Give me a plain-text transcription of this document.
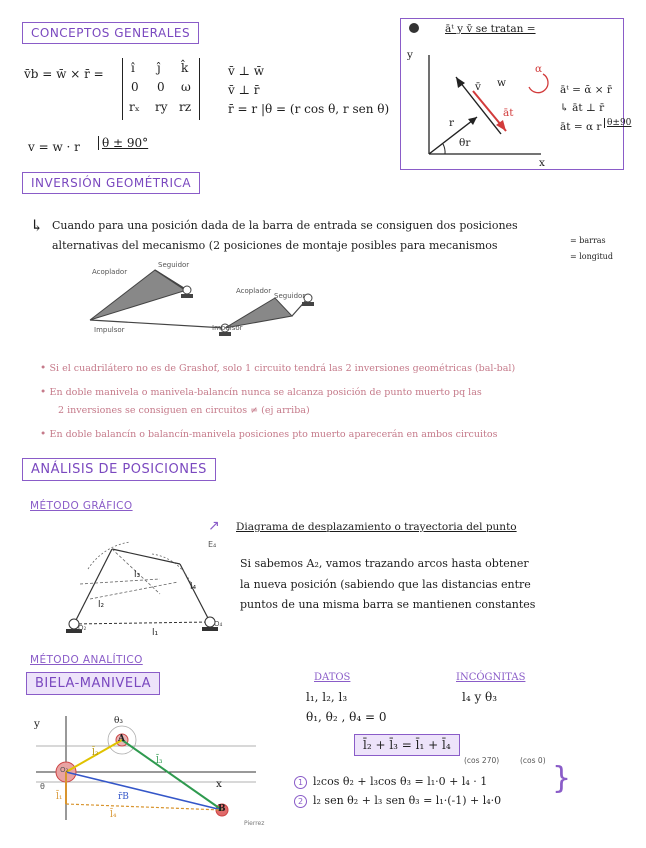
CONCEPTOS GENERALES
v̄b = w̄ × r̄ = î ĵ k̂
0 0 ω
rₓ ry rz
v̄ ⊥ w̄
v̄ ⊥ r̄
r̄ = r |θ = (r cos θ, r sen θ)
v = w · r	θ ± 90°
āᵗ y v̄ se tratan =
y
x
v̄ w
r
āt
α
θr
āᵗ = ᾱ × r̄
↳ āt ⊥ r̄
āt = α r θ±90
INVERSIÓN GEOMÉTRICA
↳ Cuando para una posición dada de la barra de entrada se consiguen dos posiciones
alternativas del mecanismo (2 posiciones de montaje posibles para mecanismos	= barras
= longitud
Acoplador
Seguidor
Impulsor
Acoplador
Seguidor
Impulsor
• Si el cuadrilátero no es de Grashof, solo 1 circuito tendrá las 2 inversiones geométricas (bal-bal)
• En doble manivela o manivela-balancín nunca se alcanza posición de punto muerto pq las
2 inversiones se consiguen en circuitos ≠ (ej arriba)
• En doble balancín o balancín-manivela posiciones pto muerto aparecerán en ambos circuitos
ANÁLISIS DE POSICIONES
MÉTODO GRÁFICO
E₄
l₂
l₃
l₄
l₁
O₂	O₄
↗ Diagrama de desplazamiento o trayectoria del punto
Si sabemos A₂, vamos trazando arcos hasta obtener
la nueva posición (sabiendo que las distancias entre
puntos de una misma barra se mantienen constantes
MÉTODO ANALÍTICO
BIELA-MANIVELA
y
x
A
B
θ₃
l̄₂
l̄₃
l̄₁
l̄₄
r̄B
O₂
θ
Pierrez
DATOS
l₁, l₂, l₃
θ₁, θ₂ , θ₄ = 0
INCÓGNITAS
l₄ y θ₃
l̄₂ + l̄₃ = l̄₁ + l̄₄
(cos 270)	(cos 0)
1 l₂cos θ₂ + l₃cos θ₃ = l₁·0 + l₄ · 1
2 l₂ sen θ₂ + l₃ sen θ₃ = l₁·(-1) + l₄·0
}
